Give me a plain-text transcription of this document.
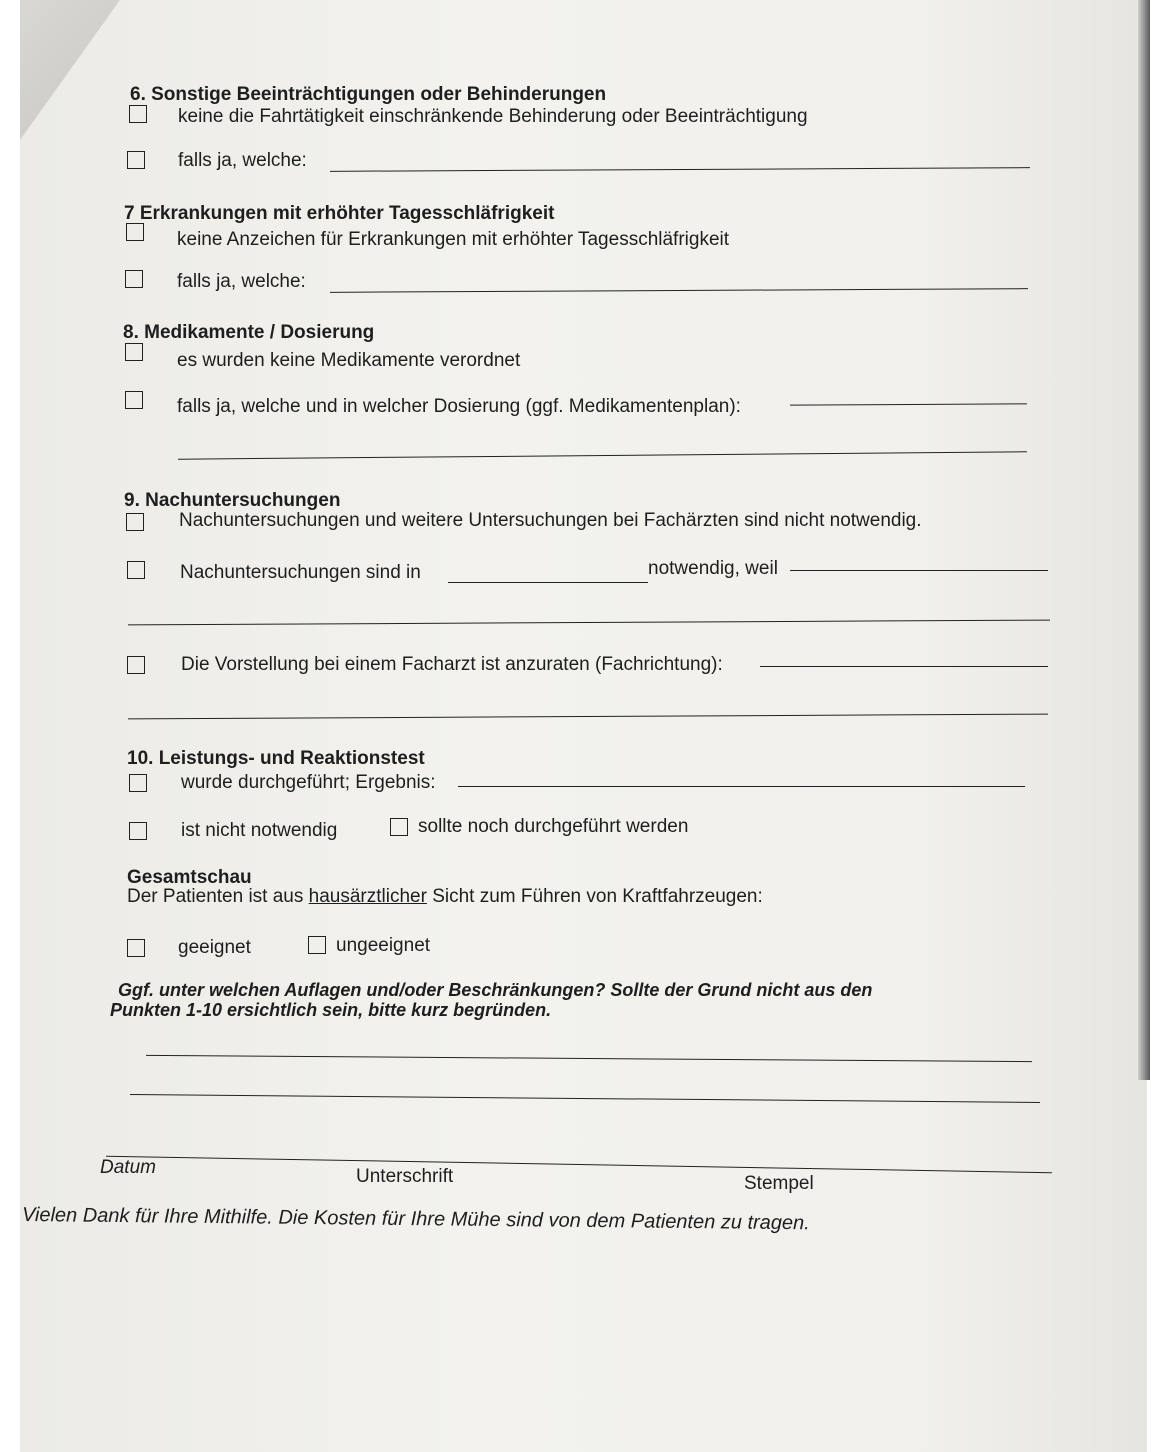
6. Sonstige Beeinträchtigungen oder Behinderungen
keine die Fahrtätigkeit einschränkende Behinderung oder Beeinträchtigung
falls ja, welche:
7 Erkrankungen mit erhöhter Tagesschläfrigkeit
keine Anzeichen für Erkrankungen mit erhöhter Tagesschläfrigkeit
falls ja, welche:
8. Medikamente / Dosierung
es wurden keine Medikamente verordnet
falls ja, welche und in welcher Dosierung (ggf. Medikamentenplan):
9. Nachuntersuchungen
Nachuntersuchungen und weitere Untersuchungen bei Fachärzten sind nicht notwendig.
Nachuntersuchungen sind in	notwendig, weil
Die Vorstellung bei einem Facharzt ist anzuraten (Fachrichtung):
10. Leistungs- und Reaktionstest
wurde durchgeführt; Ergebnis:
ist nicht notwendig	sollte noch durchgeführt werden
Gesamtschau
Der Patienten ist aus hausärztlicher Sicht zum Führen von Kraftfahrzeugen:
geeignet	ungeeignet
Ggf. unter welchen Auflagen und/oder Beschränkungen? Sollte der Grund nicht aus den
Punkten 1-10 ersichtlich sein, bitte kurz begründen.
Datum	Unterschrift	Stempel
Vielen Dank für Ihre Mithilfe. Die Kosten für Ihre Mühe sind von dem Patienten zu tragen.
